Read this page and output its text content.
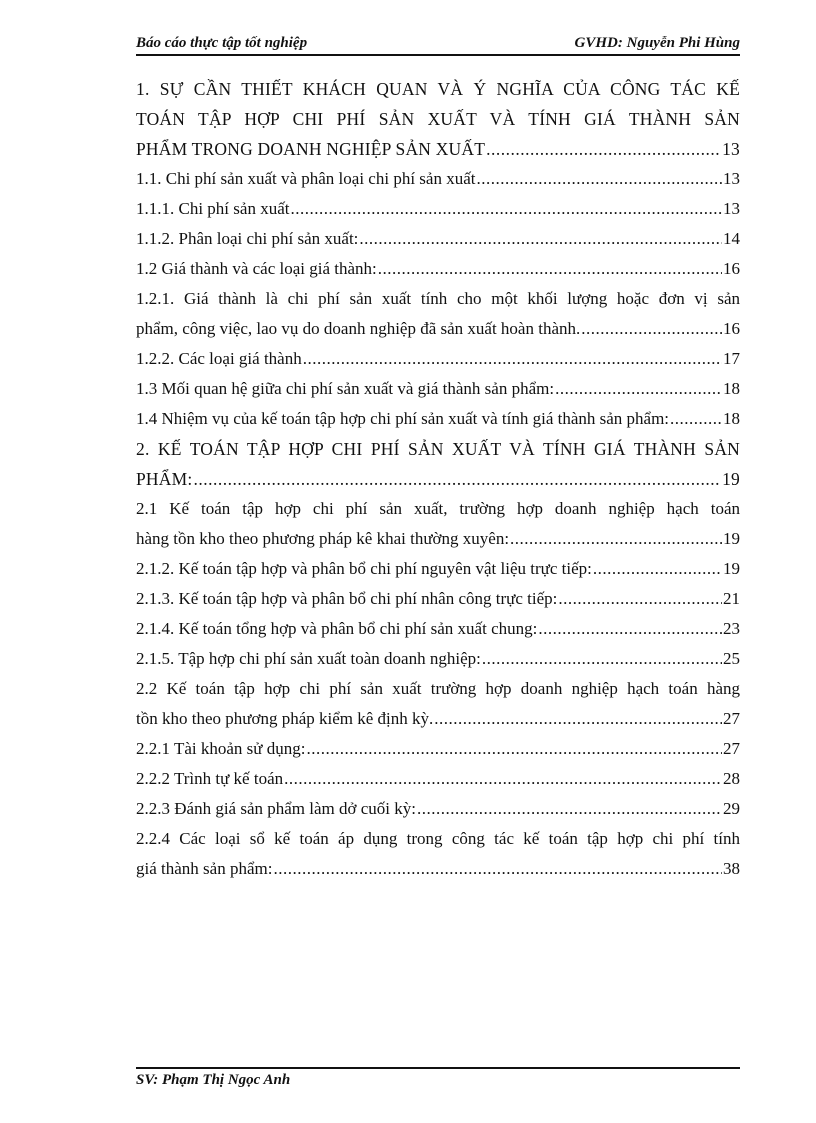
Báo cáo thực tập tốt nghiệp	GVHD: Nguyễn Phi Hùng
1. SỰ CẦN THIẾT KHÁCH QUAN VÀ Ý NGHĨA CỦA CÔNG TÁC KẾ
TOÁN TẬP HỢP CHI PHÍ SẢN XUẤT VÀ TÍNH GIÁ THÀNH SẢN
PHẨM TRONG DOANH NGHIỆP SẢN XUẤT .....	13
1.1. Chi phí sản xuất và phân loại chi phí sản xuất .....	13
1.1.1. Chi phí sản xuất .....	13
1.1.2. Phân loại chi phí sản xuất: .....	14
1.2 Giá thành và các loại giá thành: .....	16
1.2.1. Giá thành là chi phí sản xuất tính cho một khối lượng hoặc đơn vị sản
phẩm, công việc, lao vụ do doanh nghiệp đã sản xuất hoàn thành. .....	16
1.2.2. Các loại giá thành .....	17
1.3 Mối quan hệ giữa chi phí sản xuất và giá thành sản phẩm: .....	18
1.4 Nhiệm vụ của kế toán tập hợp chi phí sản xuất và tính giá thành sản phẩm: .....	18
2. KẾ TOÁN TẬP HỢP CHI PHÍ SẢN XUẤT VÀ TÍNH GIÁ THÀNH SẢN
PHẨM: .....	19
2.1 Kế toán tập hợp chi phí sản xuất, trường hợp doanh nghiệp hạch toán
hàng tồn kho theo phương pháp kê khai thường xuyên: .....	19
2.1.2. Kế toán tập hợp và phân bổ chi phí nguyên vật liệu trực tiếp: .....	19
2.1.3. Kế toán tập hợp và phân bổ chi phí nhân công trực tiếp: .....	21
2.1.4. Kế toán tổng hợp và phân bổ chi phí sản xuất chung: .....	23
2.1.5. Tập hợp chi phí sản xuất toàn doanh nghiệp: .....	25
2.2 Kế toán tập hợp chi phí sản xuất trường hợp doanh nghiệp hạch toán hàng
tồn kho theo phương pháp kiểm kê định kỳ. .....	27
2.2.1 Tài khoản sử dụng: .....	27
2.2.2 Trình tự kế toán .....	28
2.2.3 Đánh giá sản phẩm làm dở cuối kỳ: .....	29
2.2.4 Các loại sổ kế toán áp dụng trong công tác kế toán tập hợp chi phí tính
giá thành sản phẩm: .....	38
SV: Phạm Thị Ngọc Anh
